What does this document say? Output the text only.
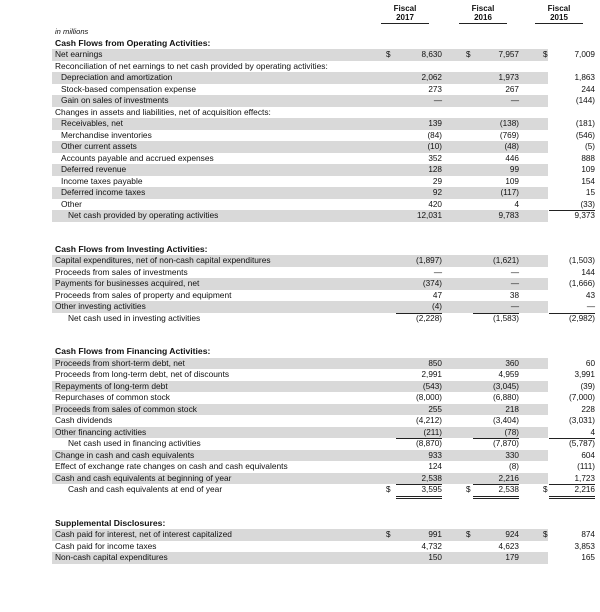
Fiscal
2017
Fiscal
2016
Fiscal
2015
in millions
Cash Flows from Operating Activities:
Net earnings	$	8,630	$	7,957	$	7,009
Reconciliation of net earnings to net cash provided by operating activities:
Depreciation and amortization	2,062	1,973	1,863
Stock-based compensation expense	273	267	244
Gain on sales of investments	—	—	(144)
Changes in assets and liabilities, net of acquisition effects:
Receivables, net	139	(138)	(181)
Merchandise inventories	(84)	(769)	(546)
Other current assets	(10)	(48)	(5)
Accounts payable and accrued expenses	352	446	888
Deferred revenue	128	99	109
Income taxes payable	29	109	154
Deferred income taxes	92	(117)	15
Other	420	4	(33)
Net cash provided by operating activities	12,031	9,783	9,373
Cash Flows from Investing Activities:
Capital expenditures, net of non-cash capital expenditures	(1,897)	(1,621)	(1,503)
Proceeds from sales of investments	—	—	144
Payments for businesses acquired, net	(374)	—	(1,666)
Proceeds from sales of property and equipment	47	38	43
Other investing activities	(4)	—	—
Net cash used in investing activities	(2,228)	(1,583)	(2,982)
Cash Flows from Financing Activities:
Proceeds from short-term debt, net	850	360	60
Proceeds from long-term debt, net of discounts	2,991	4,959	3,991
Repayments of long-term debt	(543)	(3,045)	(39)
Repurchases of common stock	(8,000)	(6,880)	(7,000)
Proceeds from sales of common stock	255	218	228
Cash dividends	(4,212)	(3,404)	(3,031)
Other financing activities	(211)	(78)	4
Net cash used in financing activities	(8,870)	(7,870)	(5,787)
Change in cash and cash equivalents	933	330	604
Effect of exchange rate changes on cash and cash equivalents	124	(8)	(111)
Cash and cash equivalents at beginning of year	2,538	2,216	1,723
Cash and cash equivalents at end of year	$	3,595	$	2,538	$	2,216
Supplemental Disclosures:
Cash paid for interest, net of interest capitalized	$	991	$	924	$	874
Cash paid for income taxes	4,732	4,623	3,853
Non-cash capital expenditures	150	179	165
